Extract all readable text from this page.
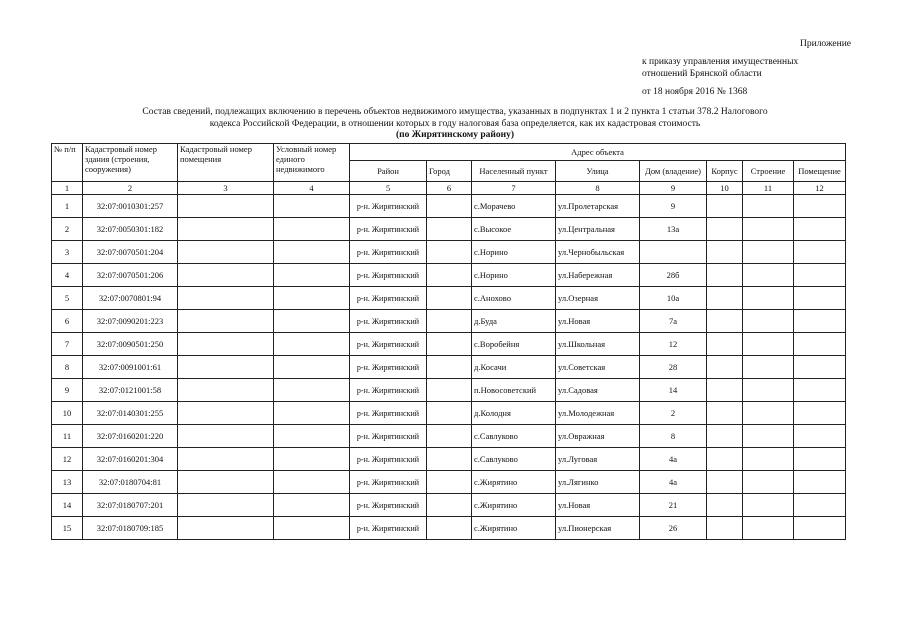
Приложение
к приказу управления имущественных
отношений Брянской области
от 18 ноября 2016 № 1368
Состав сведений, подлежащих включению в перечень объектов недвижимого имущества, указанных в подпунктах 1 и 2 пункта 1 статьи 378.2 Налогового
кодекса Российской Федерации, в отношении которых в году налоговая база определяется, как их кадастровая стоимость
(по Жирятинскому району)
№ п/п	Кадастровый номер здания (строения, сооружения)	Кадастровый номер помещения	Условный номер единого недвижимого	Адрес объекта							
				Район	Город	Населенный пункт	Улица	Дом (владение)	Корпус	Строение	Помещение
1	2	3	4	5	6	7	8	9	10	11	12
1	32:07:0010301:257			р-н. Жирятинский		с.Морачево	ул.Пролетарская	9			
2	32:07:0050301:182			р-н. Жирятинский		с.Высокое	ул.Центральная	13а			
3	32:07:0070501:204			р-н. Жирятинский		с.Норино	ул.Чернобыльская				
4	32:07:0070501:206			р-н. Жирятинский		с.Норино	ул.Набережная	28б			
5	32:07:0070801:94			р-н. Жирятинский		с.Анохово	ул.Озерная	10а			
6	32:07:0090201:223			р-н. Жирятинский		д.Буда	ул.Новая	7а			
7	32:07:0090501:250			р-н. Жирятинский		с.Воробейня	ул.Школьная	12			
8	32:07:0091001:61			р-н. Жирятинский		д.Косачи	ул.Советская	28			
9	32:07:0121001:58			р-н. Жирятинский		п.Новосоветский	ул.Садовая	14			
10	32:07:0140301:255			р-н. Жирятинский		д.Колодня	ул.Молодежная	2			
11	32:07:0160201:220			р-н. Жирятинский		с.Савлуково	ул.Овражная	8			
12	32:07:0160201:304			р-н. Жирятинский		с.Савлуково	ул.Луговая	4а			
13	32:07:0180704:81			р-н. Жирятинский		с.Жирятино	ул.Лягинко	4а			
14	32:07:0180707:201			р-н. Жирятинский		с.Жирятино	ул.Новая	21			
15	32:07:0180709:185			р-н. Жирятинский		с.Жирятино	ул.Пионерская	26			
